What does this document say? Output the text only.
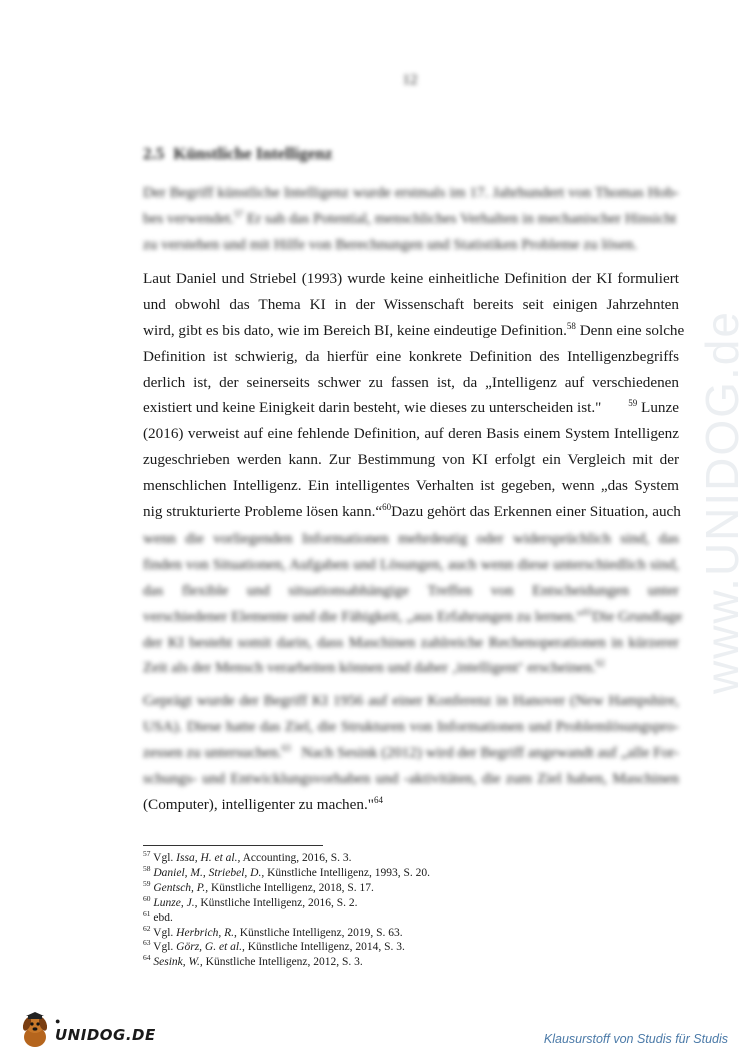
12
2.5 Künstliche Intelligenz
Der Begriff künstliche Intelligenz wurde erstmals im 17. Jahrhundert von Thomas Hob-
bes verwendet.$^{57}$ Er sah das Potential, menschliches Verhalten in mechanischer Hinsicht
zu verstehen und mit Hilfe von Berechnungen und Statistiken Probleme zu lösen.
Laut Daniel und Striebel (1993) wurde keine einheitliche Definition der KI formuliert
und obwohl das Thema KI in der Wissenschaft bereits seit einigen Jahrzehnten
wird, gibt es bis dato, wie im Bereich BI, keine eindeutige Definition.$^{58}$ Denn eine solche
Definition ist schwierig, da hierfür eine konkrete Definition des Intelligenzbegriffs
derlich ist, der seinerseits schwer zu fassen ist, da „Intelligenz auf verschiedenen
existiert und keine Einigkeit darin besteht, wie dieses zu unterscheiden ist."	$^{59}$ Lunze
(2016) verweist auf eine fehlende Definition, auf deren Basis einem System Intelligenz
zugeschrieben werden kann. Zur Bestimmung von KI erfolgt ein Vergleich mit der
menschlichen Intelligenz. Ein intelligentes Verhalten ist gegeben, wenn „das System
nig strukturierte Probleme lösen kann.“$^{60}$ Dazu gehört das Erkennen einer Situation, auch
wenn die vorliegenden Informationen mehrdeutig oder widersprüchlich sind, das
finden von Situationen, Aufgaben und Lösungen, auch wenn diese unterschiedlich sind,
das flexible und situationsabhängige Treffen von Entscheidungen unter
verschiedener Elemente und die Fähigkeit, „aus Erfahrungen zu lernen.“$^{61}$ Die Grundlage
der KI besteht somit darin, dass Maschinen zahlreiche Rechenoperationen in kürzerer
Zeit als der Mensch verarbeiten können und daher ‚intelligent‘ erscheinen.$^{62}$
Geprägt wurde der Begriff KI 1956 auf einer Konferenz in Hanover (New Hampshire,
USA). Diese hatte das Ziel, die Strukturen von Informationen und Problemlösungspro-
zessen zu untersuchen.$^{63}$ Nach Sesink (2012) wird der Begriff angewandt auf „alle For-
schungs- und Entwicklungsvorhaben und -aktivitäten, die zum Ziel haben, Maschinen
(Computer), intelligenter zu machen."$^{64}$
$^{57}$ Vgl. Issa, H. et al., Accounting, 2016, S. 3.
$^{58}$ Daniel, M., Striebel, D., Künstliche Intelligenz, 1993, S. 20.
$^{59}$ Gentsch, P., Künstliche Intelligenz, 2018, S. 17.
$^{60}$ Lunze, J., Künstliche Intelligenz, 2016, S. 2.
$^{61}$ ebd.
$^{62}$ Vgl. Herbrich, R., Künstliche Intelligenz, 2019, S. 63.
$^{63}$ Vgl. Görz, G. et al., Künstliche Intelligenz, 2014, S. 3.
$^{64}$ Sesink, W., Künstliche Intelligenz, 2012, S. 3.
www.UNIDOG.de
●
UNIDOG.DE	Klausurstoff von Studis für Studis
